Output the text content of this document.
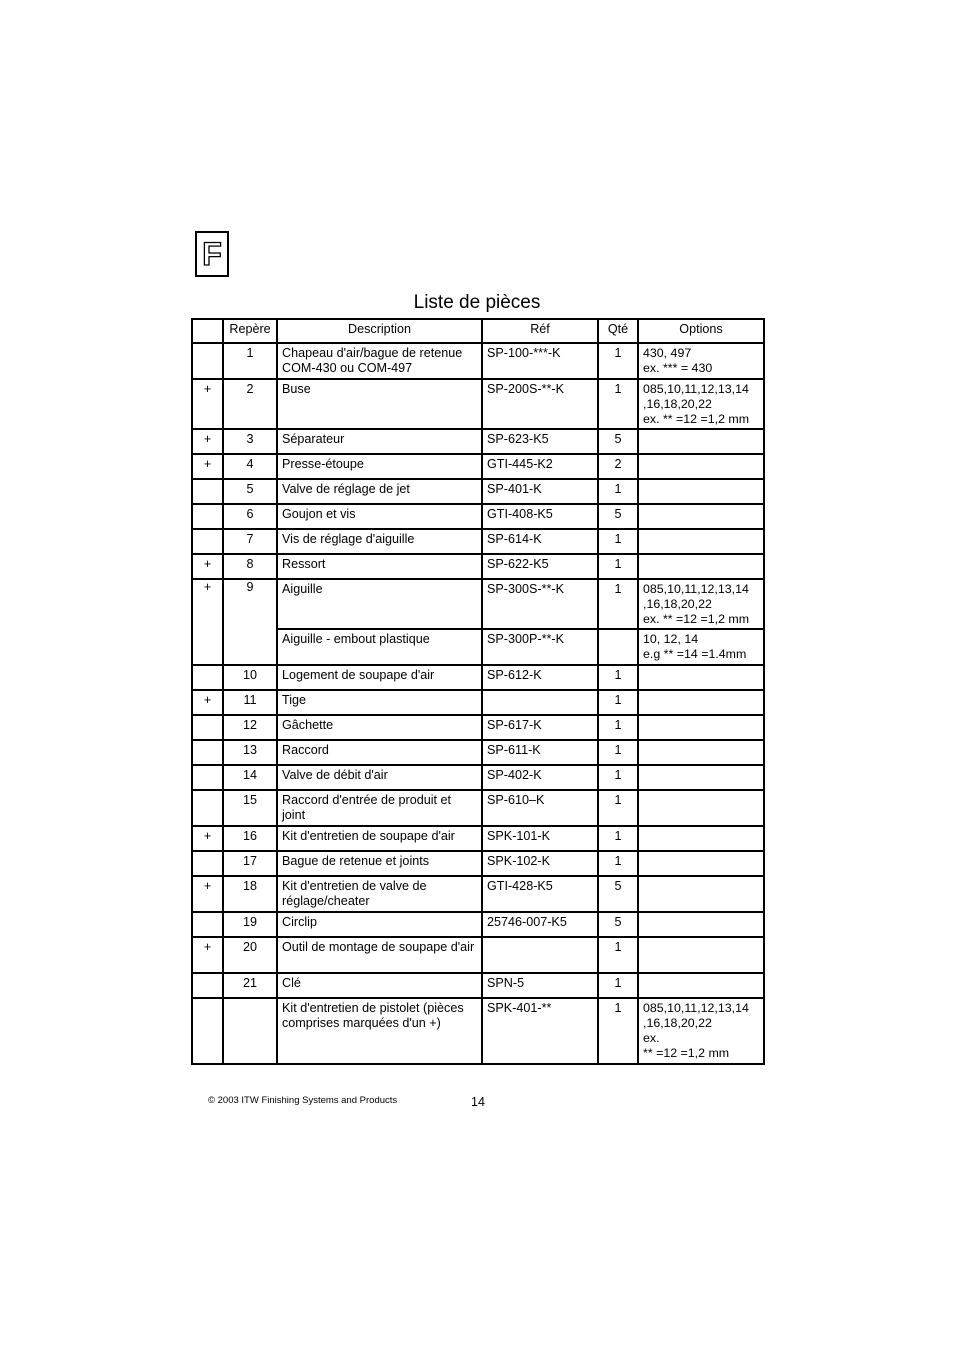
F
Liste de pièces
	Repère	Description	Réf	Qté	Options
	1	Chapeau d'air/bague de retenue COM-430 ou COM-497	SP-100-***-K	1	430, 497
ex. *** = 430
+	2	Buse	SP-200S-**-K	1	085,10,11,12,13,14
,16,18,20,22
ex. ** =12 =1,2 mm
+	3	Séparateur	SP-623-K5	5	
+	4	Presse-étoupe	GTI-445-K2	2	
	5	Valve de réglage de jet	SP-401-K	1	
	6	Goujon et vis	GTI-408-K5	5	
	7	Vis de réglage d'aiguille	SP-614-K	1	
+	8	Ressort	SP-622-K5	1	
+	9	Aiguille	SP-300S-**-K	1	085,10,11,12,13,14
,16,18,20,22
ex. ** =12 =1,2 mm
		Aiguille - embout plastique	SP-300P-**-K		10, 12, 14
e.g ** =14 =1.4mm
	10	Logement de soupape d'air	SP-612-K	1	
+	11	Tige		1	
	12	Gâchette	SP-617-K	1	
	13	Raccord	SP-611-K	1	
	14	Valve de débit d'air	SP-402-K	1	
	15	Raccord d'entrée de produit et joint	SP-610–K	1	
+	16	Kit d'entretien de soupape d'air	SPK-101-K	1	
	17	Bague de retenue et joints	SPK-102-K	1	
+	18	Kit d'entretien de valve de réglage/cheater	GTI-428-K5	5	
	19	Circlip	25746-007-K5	5	
+	20	Outil de montage de soupape d'air		1	
	21	Clé	SPN-5	1	
		Kit d'entretien de pistolet (pièces comprises marquées d'un +)	SPK-401-**	1	085,10,11,12,13,14
,16,18,20,22
ex.
** =12 =1,2 mm
© 2003 ITW Finishing Systems and Products	14
